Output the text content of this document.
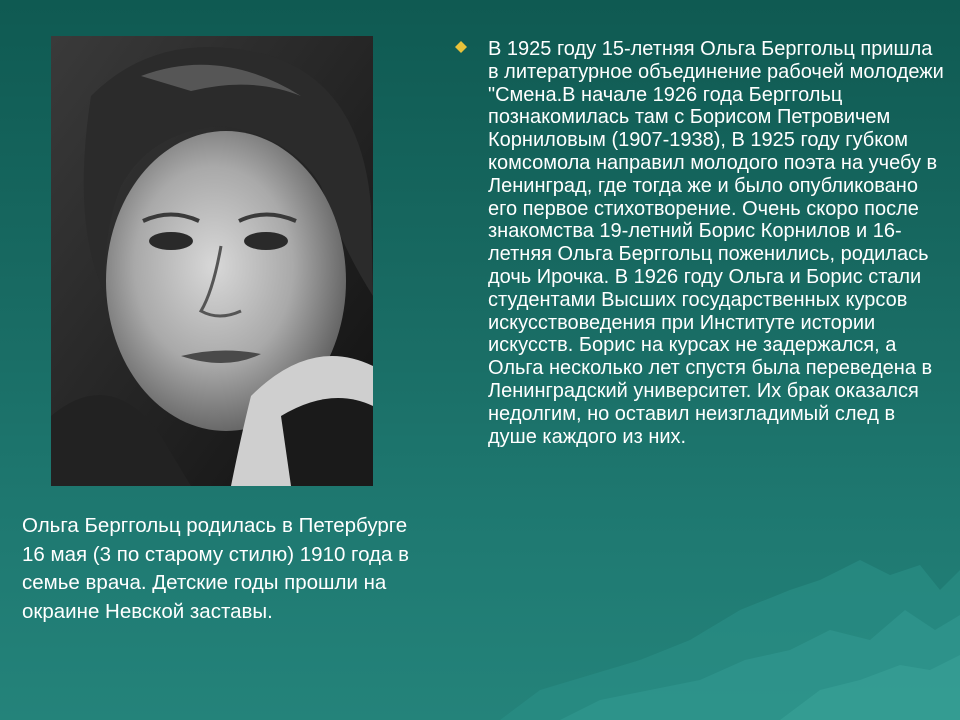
Ольга Берггольц родилась в Петербурге 16 мая (3 по старому стилю) 1910 года в семье врача. Детские годы прошли на окраине Невской заставы.
В 1925 году 15-летняя Ольга Берггольц пришла в литературное объединение рабочей молодежи "Смена.В начале 1926 года Берггольц познакомилась там с Борисом Петровичем Корниловым (1907-1938), В 1925 году губком комсомола направил молодого поэта на учебу в Ленинград, где тогда же и было опубликовано его первое стихотворение. Очень скоро после знакомства 19-летний Борис Корнилов и 16-летняя Ольга Берггольц поженились, родилась дочь Ирочка. В 1926 году Ольга и Борис стали студентами Высших государственных курсов искусствоведения при Институте истории искусств. Борис на курсах не задержался, а Ольга несколько лет спустя была переведена в Ленинградский университет. Их брак оказался недолгим, но оставил неизгладимый след в душе каждого из них.
